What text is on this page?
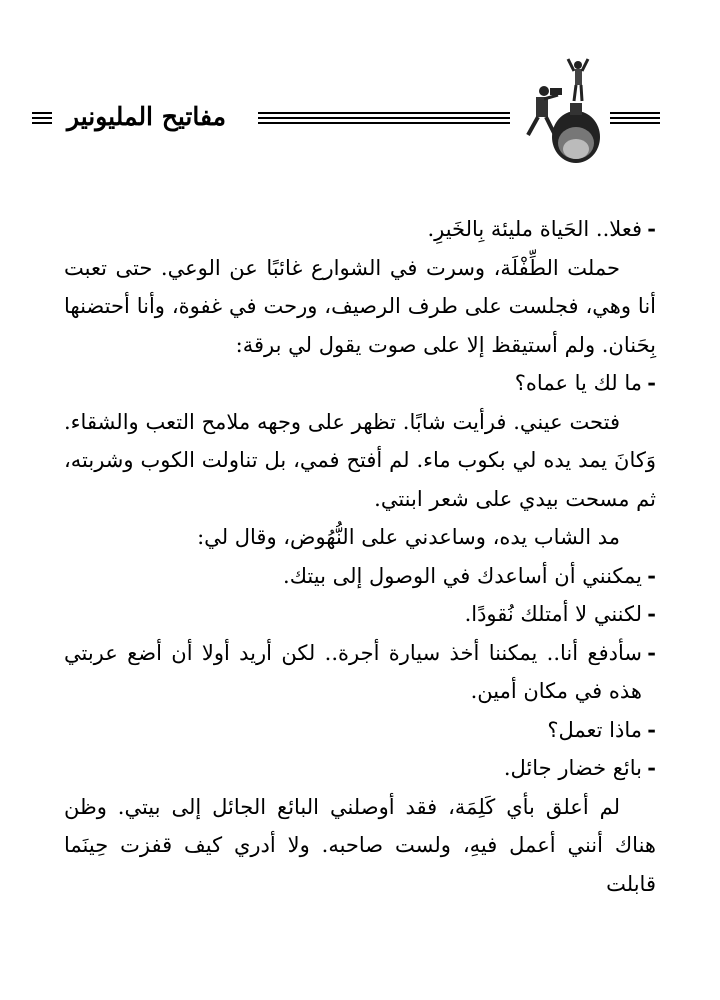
مفاتيح المليونير

- فعلا.. الحَياة مليئة بِالخَيرِ.

حملت الطِّفْلَة، وسرت في الشوارع غائبًا عن الوعي. حتى تعبت أنا وهي، فجلست على طرف الرصيف، ورحت في غفوة، وأنا أحتضنها بِحَنان. ولم أستيقظ إلا على صوت يقول لي برقة:

- ما لك يا عماه؟

فتحت عيني. فرأيت شابًا. تظهر على وجهه ملامح التعب والشقاء. وَكانَ يمد يده لي بكوب ماء. لم أفتح فمي، بل تناولت الكوب وشربته، ثم مسحت بيدي على شعر ابنتي.

مد الشاب يده، وساعدني على النُّهُوض، وقال لي:

- يمكنني أن أساعدك في الوصول إلى بيتك.

- لكنني لا أمتلك نُقودًا.

- سأدفع أنا.. يمكننا أخذ سيارة أجرة.. لكن أريد أولا أن أضع عربتي هذه في مكان أمين.

- ماذا تعمل؟

- بائع خضار جائل.

لم أعلق بأي كَلِمَة، فقد أوصلني البائع الجائل إلى بيتي. وظن هناك أنني أعمل فيهِ، ولست صاحبه. ولا أدري كيف قفزت حِينَما قابلت
